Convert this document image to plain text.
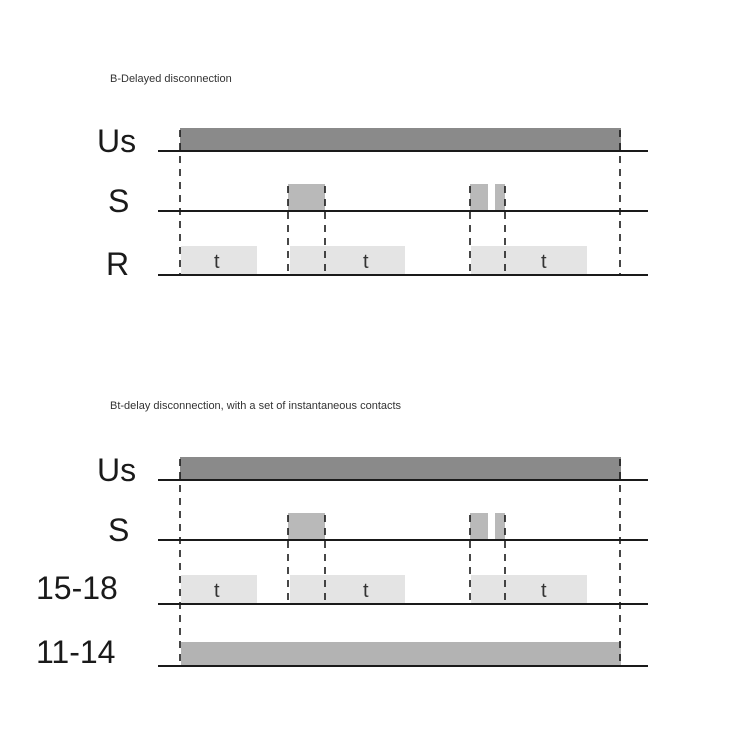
B-Delayed disconnection
Us
S
R	t	t	t
Bt-delay disconnection, with a set of instantaneous contacts
Us
S
15-18	t	t	t
11-14
